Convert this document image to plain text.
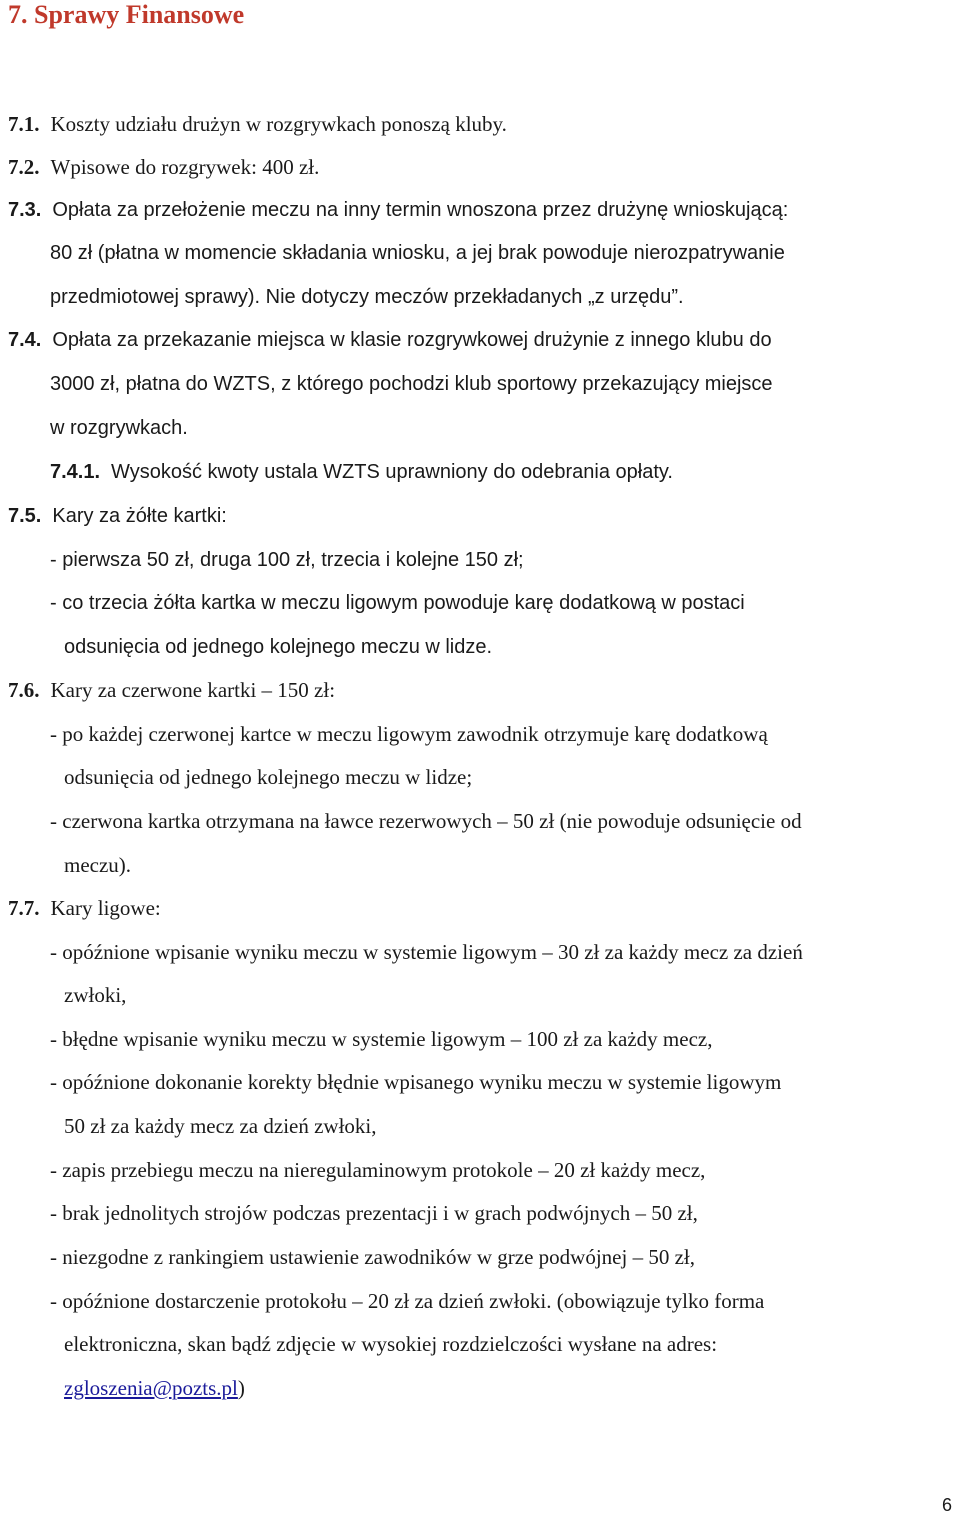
7. Sprawy Finansowe
7.1. Koszty udziału drużyn w rozgrywkach ponoszą kluby.
7.2. Wpisowe do rozgrywek: 400 zł.
7.3. Opłata za przełożenie meczu na inny termin wnoszona przez drużynę wnioskującą:
80 zł (płatna w momencie składania wniosku, a jej brak powoduje nierozpatrywanie
przedmiotowej sprawy). Nie dotyczy meczów przekładanych „z urzędu”.
7.4. Opłata za przekazanie miejsca w klasie rozgrywkowej drużynie z innego klubu do
3000 zł, płatna do WZTS, z którego pochodzi klub sportowy przekazujący miejsce
w rozgrywkach.
7.4.1. Wysokość kwoty ustala WZTS uprawniony do odebrania opłaty.
7.5. Kary za żółte kartki:
- pierwsza 50 zł, druga 100 zł, trzecia i kolejne 150 zł;
- co trzecia żółta kartka w meczu ligowym powoduje karę dodatkową w postaci
odsunięcia od jednego kolejnego meczu w lidze.
7.6. Kary za czerwone kartki – 150 zł:
- po każdej czerwonej kartce w meczu ligowym zawodnik otrzymuje karę dodatkową
odsunięcia od jednego kolejnego meczu w lidze;
- czerwona kartka otrzymana na ławce rezerwowych – 50 zł (nie powoduje odsunięcie od
meczu).
7.7. Kary ligowe:
- opóźnione wpisanie wyniku meczu w systemie ligowym – 30 zł za każdy mecz za dzień
zwłoki,
- błędne wpisanie wyniku meczu w systemie ligowym – 100 zł za każdy mecz,
- opóźnione dokonanie korekty błędnie wpisanego wyniku meczu w systemie ligowym
50 zł za każdy mecz za dzień zwłoki,
- zapis przebiegu meczu na nieregulaminowym protokole – 20 zł każdy mecz,
- brak jednolitych strojów podczas prezentacji i w grach podwójnych – 50 zł,
- niezgodne z rankingiem ustawienie zawodników w grze podwójnej – 50 zł,
- opóźnione dostarczenie protokołu – 20 zł za dzień zwłoki. (obowiązuje tylko forma
elektroniczna, skan bądź zdjęcie w wysokiej rozdzielczości wysłane na adres:
zgloszenia@pozts.pl)
6
